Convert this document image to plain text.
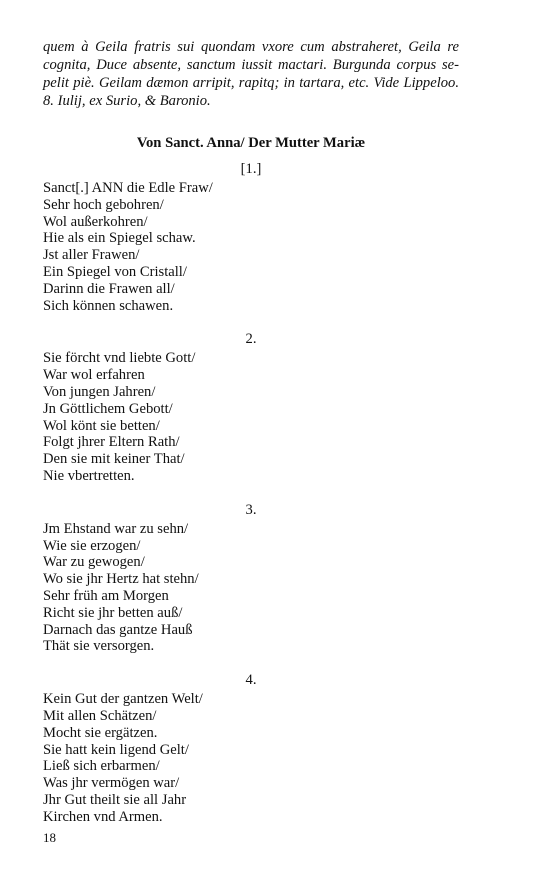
quem à Geila fratris sui quondam vxore cum abstraheret, Geila re
cognita, Duce absente, sanctum iussit mactari. Burgunda corpus se-
pelit piè. Geilam dæmon arripit, rapitq; in tartara, etc. Vide Lippeloo.
8. Iulij, ex Surio, & Baronio.

Von Sanct. Anna/ Der Mutter Mariæ
[1.]
Sanct[.] ANN die Edle Fraw/
Sehr hoch gebohren/
Wol außerkohren/
Hie als ein Spiegel schaw.
Jst aller Frawen/
Ein Spiegel von Cristall/
Darinn die Frawen all/
Sich können schawen.
2.
Sie förcht vnd liebte Gott/
War wol erfahren
Von jungen Jahren/
Jn Göttlichem Gebott/
Wol könt sie betten/
Folgt jhrer Eltern Rath/
Den sie mit keiner That/
Nie vbertretten.
3.
Jm Ehstand war zu sehn/
Wie sie erzogen/
War zu gewogen/
Wo sie jhr Hertz hat stehn/
Sehr früh am Morgen
Richt sie jhr betten auß/
Darnach das gantze Hauß
Thät sie versorgen.
4.
Kein Gut der gantzen Welt/
Mit allen Schätzen/
Mocht sie ergätzen.
Sie hatt kein ligend Gelt/
Ließ sich erbarmen/
Was jhr vermögen war/
Jhr Gut theilt sie all Jahr
Kirchen vnd Armen.
18
